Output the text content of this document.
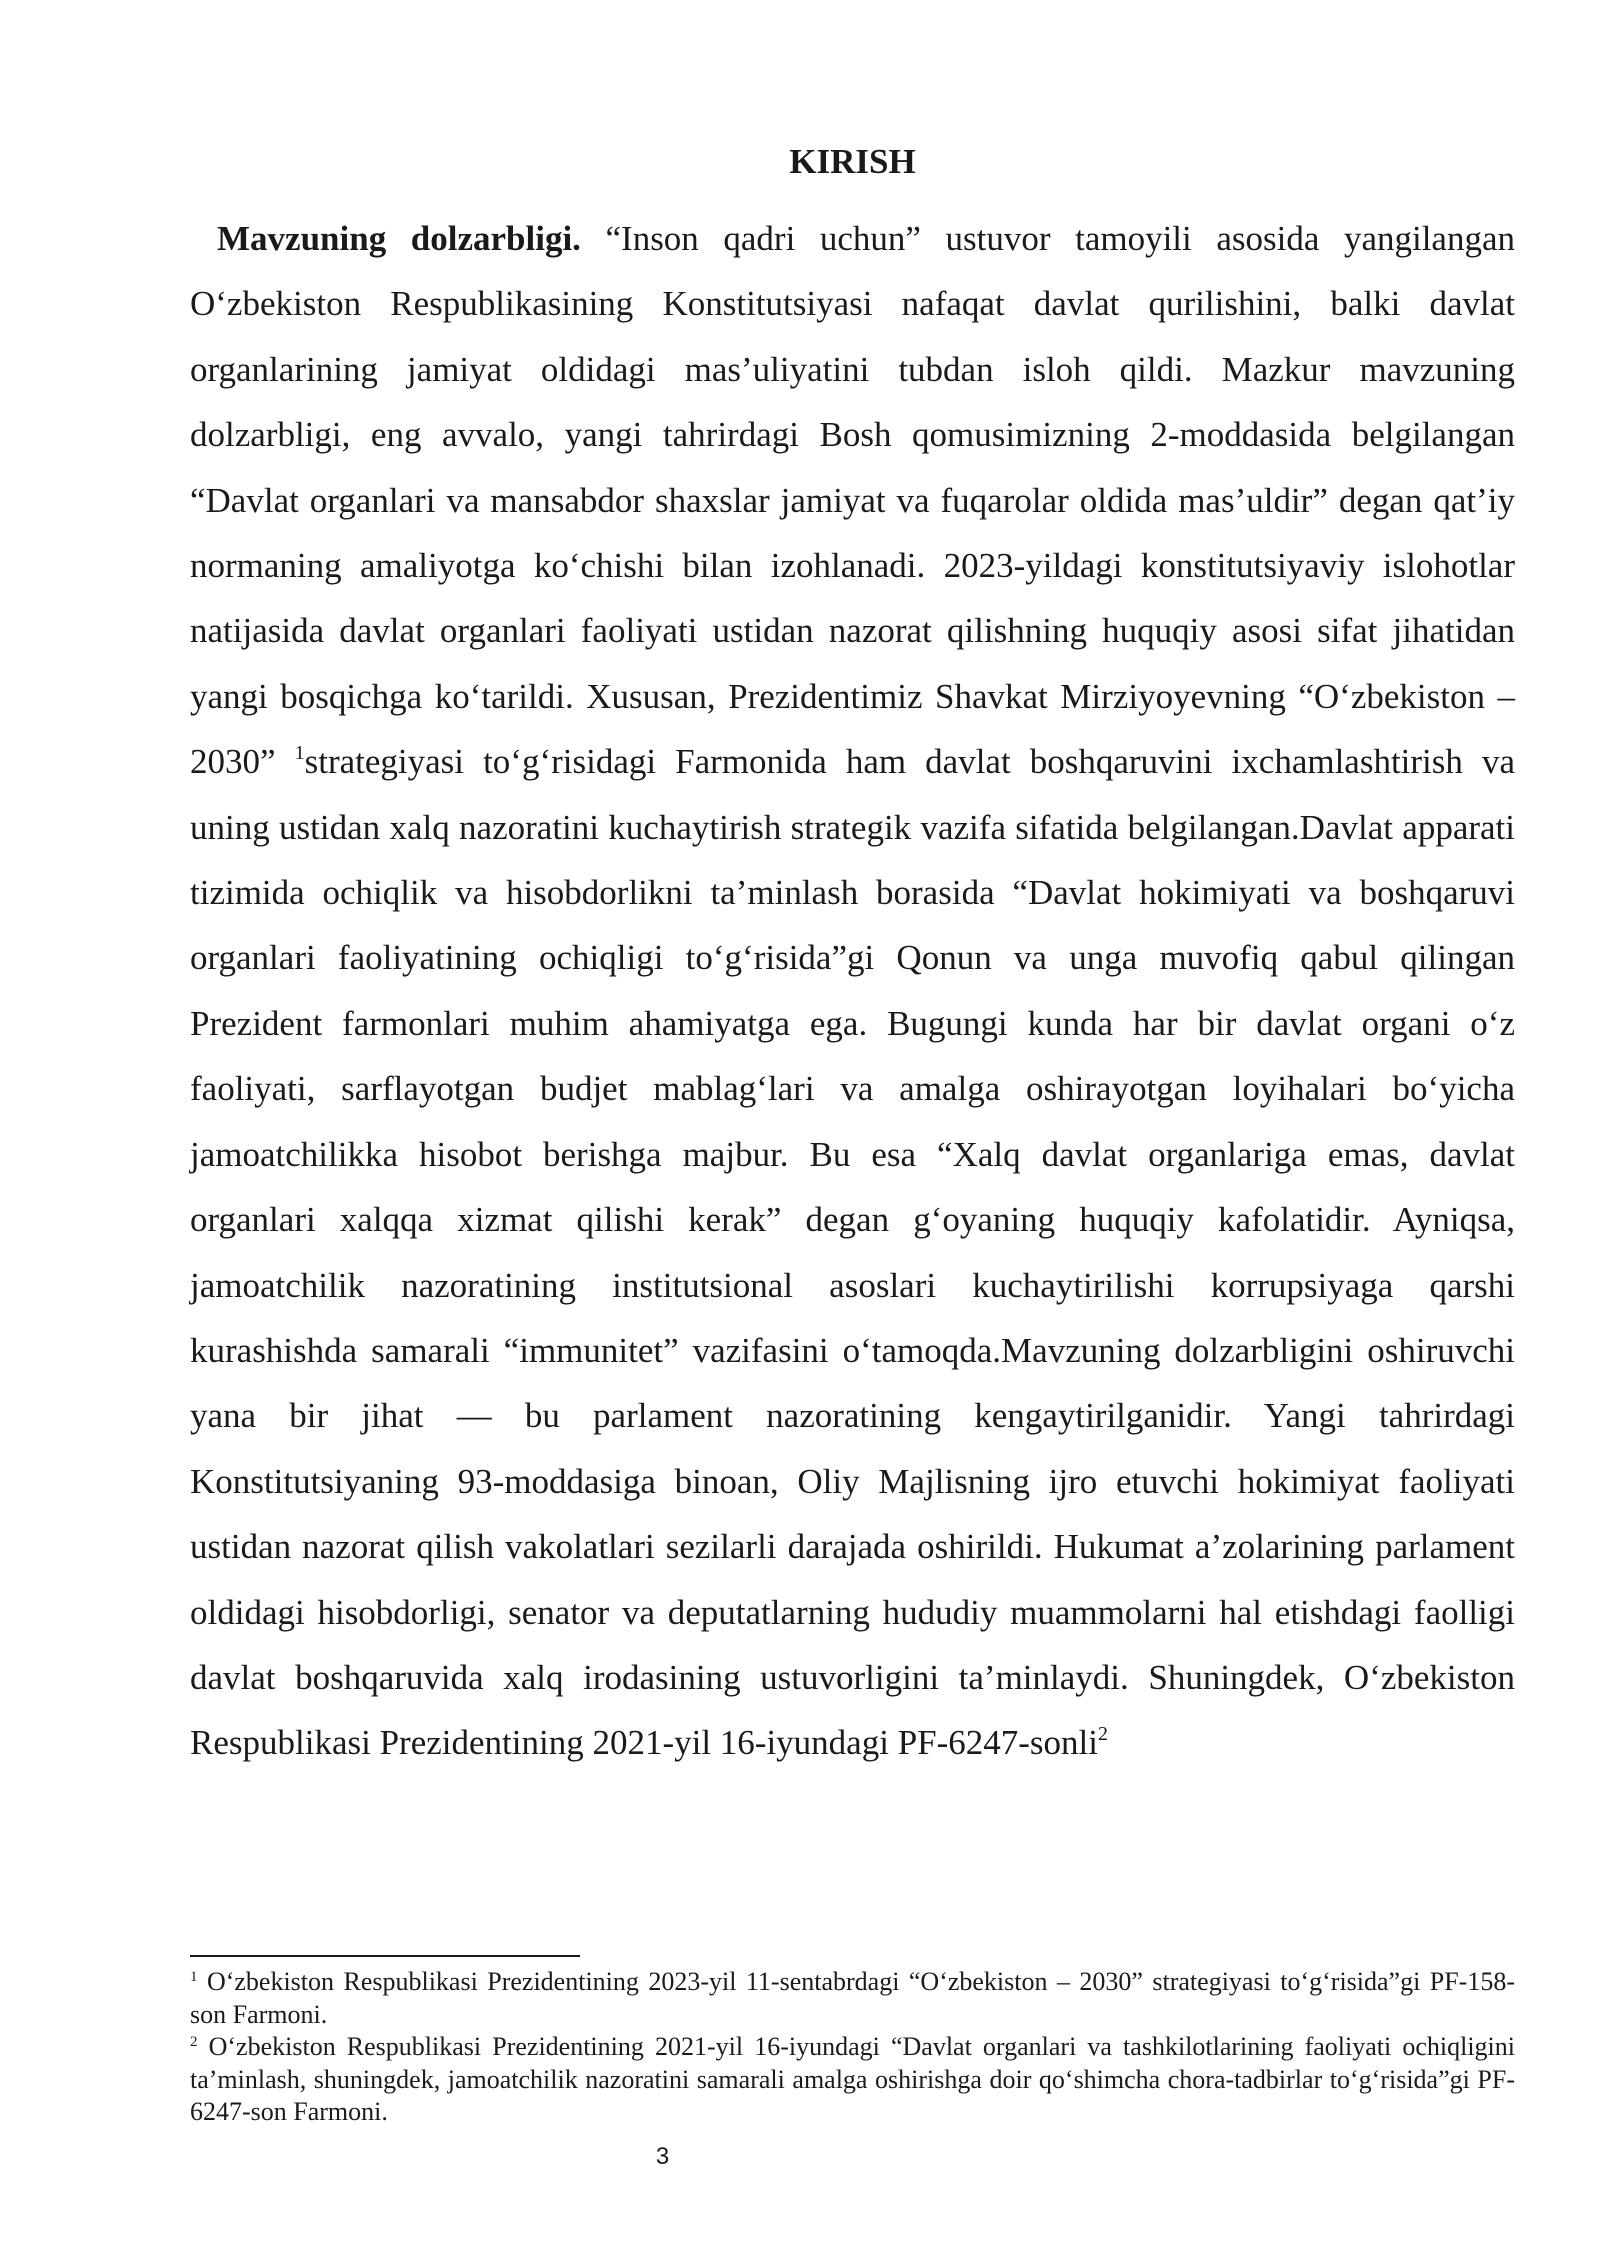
KIRISH

Mavzuning dolzarbligi. “Inson qadri uchun” ustuvor tamoyili asosida yangilangan O‘zbekiston Respublikasining Konstitutsiyasi nafaqat davlat qurilishini, balki davlat organlarining jamiyat oldidagi mas’uliyatini tubdan isloh qildi. Mazkur mavzuning dolzarbligi, eng avvalo, yangi tahrirdagi Bosh qomusimizning 2-moddasida belgilangan “Davlat organlari va mansabdor shaxslar jamiyat va fuqarolar oldida mas’uldir” degan qat’iy normaning amaliyotga ko‘chishi bilan izohlanadi. 2023-yildagi konstitutsiyaviy islohotlar natijasida davlat organlari faoliyati ustidan nazorat qilishning huquqiy asosi sifat jihatidan yangi bosqichga ko‘tarildi. Xususan, Prezidentimiz Shavkat Mirziyoyevning “O‘zbekiston – 2030” $^1$strategiyasi to‘g‘risidagi Farmonida ham davlat boshqaruvini ixchamlashtirish va uning ustidan xalq nazoratini kuchaytirish strategik vazifa sifatida belgilangan.Davlat apparati tizimida ochiqlik va hisobdorlikni ta’minlash borasida “Davlat hokimiyati va boshqaruvi organlari faoliyatining ochiqligi to‘g‘risida”gi Qonun va unga muvofiq qabul qilingan Prezident farmonlari muhim ahamiyatga ega. Bugungi kunda har bir davlat organi o‘z faoliyati, sarflayotgan budjet mablag‘lari va amalga oshirayotgan loyihalari bo‘yicha jamoatchilikka hisobot berishga majbur. Bu esa “Xalq davlat organlariga emas, davlat organlari xalqqa xizmat qilishi kerak” degan g‘oyaning huquqiy kafolatidir. Ayniqsa, jamoatchilik nazoratining institutsional asoslari kuchaytirilishi korrupsiyaga qarshi kurashishda samarali “immunitet” vazifasini o‘tamoqda.Mavzuning dolzarbligini oshiruvchi yana bir jihat — bu parlament nazoratining kengaytirilganidir. Yangi tahrirdagi Konstitutsiyaning 93-moddasiga binoan, Oliy Majlisning ijro etuvchi hokimiyat faoliyati ustidan nazorat qilish vakolatlari sezilarli darajada oshirildi. Hukumat a’zolarining parlament oldidagi hisobdorligi, senator va deputatlarning hududiy muammolarni hal etishdagi faolligi davlat boshqaruvida xalq irodasining ustuvorligini ta’minlaydi. Shuningdek, O‘zbekiston Respublikasi Prezidentining 2021-yil 16-iyundagi PF-6247-sonli$^2$

$^1$ O‘zbekiston Respublikasi Prezidentining 2023-yil 11-sentabrdagi “O‘zbekiston – 2030” strategiyasi to‘g‘risida”gi PF-158-son Farmoni.

$^2$ O‘zbekiston Respublikasi Prezidentining 2021-yil 16-iyundagi “Davlat organlari va tashkilotlarining faoliyati ochiqligini ta’minlash, shuningdek, jamoatchilik nazoratini samarali amalga oshirishga doir qo‘shimcha chora-tadbirlar to‘g‘risida”gi PF-6247-son Farmoni.

3
